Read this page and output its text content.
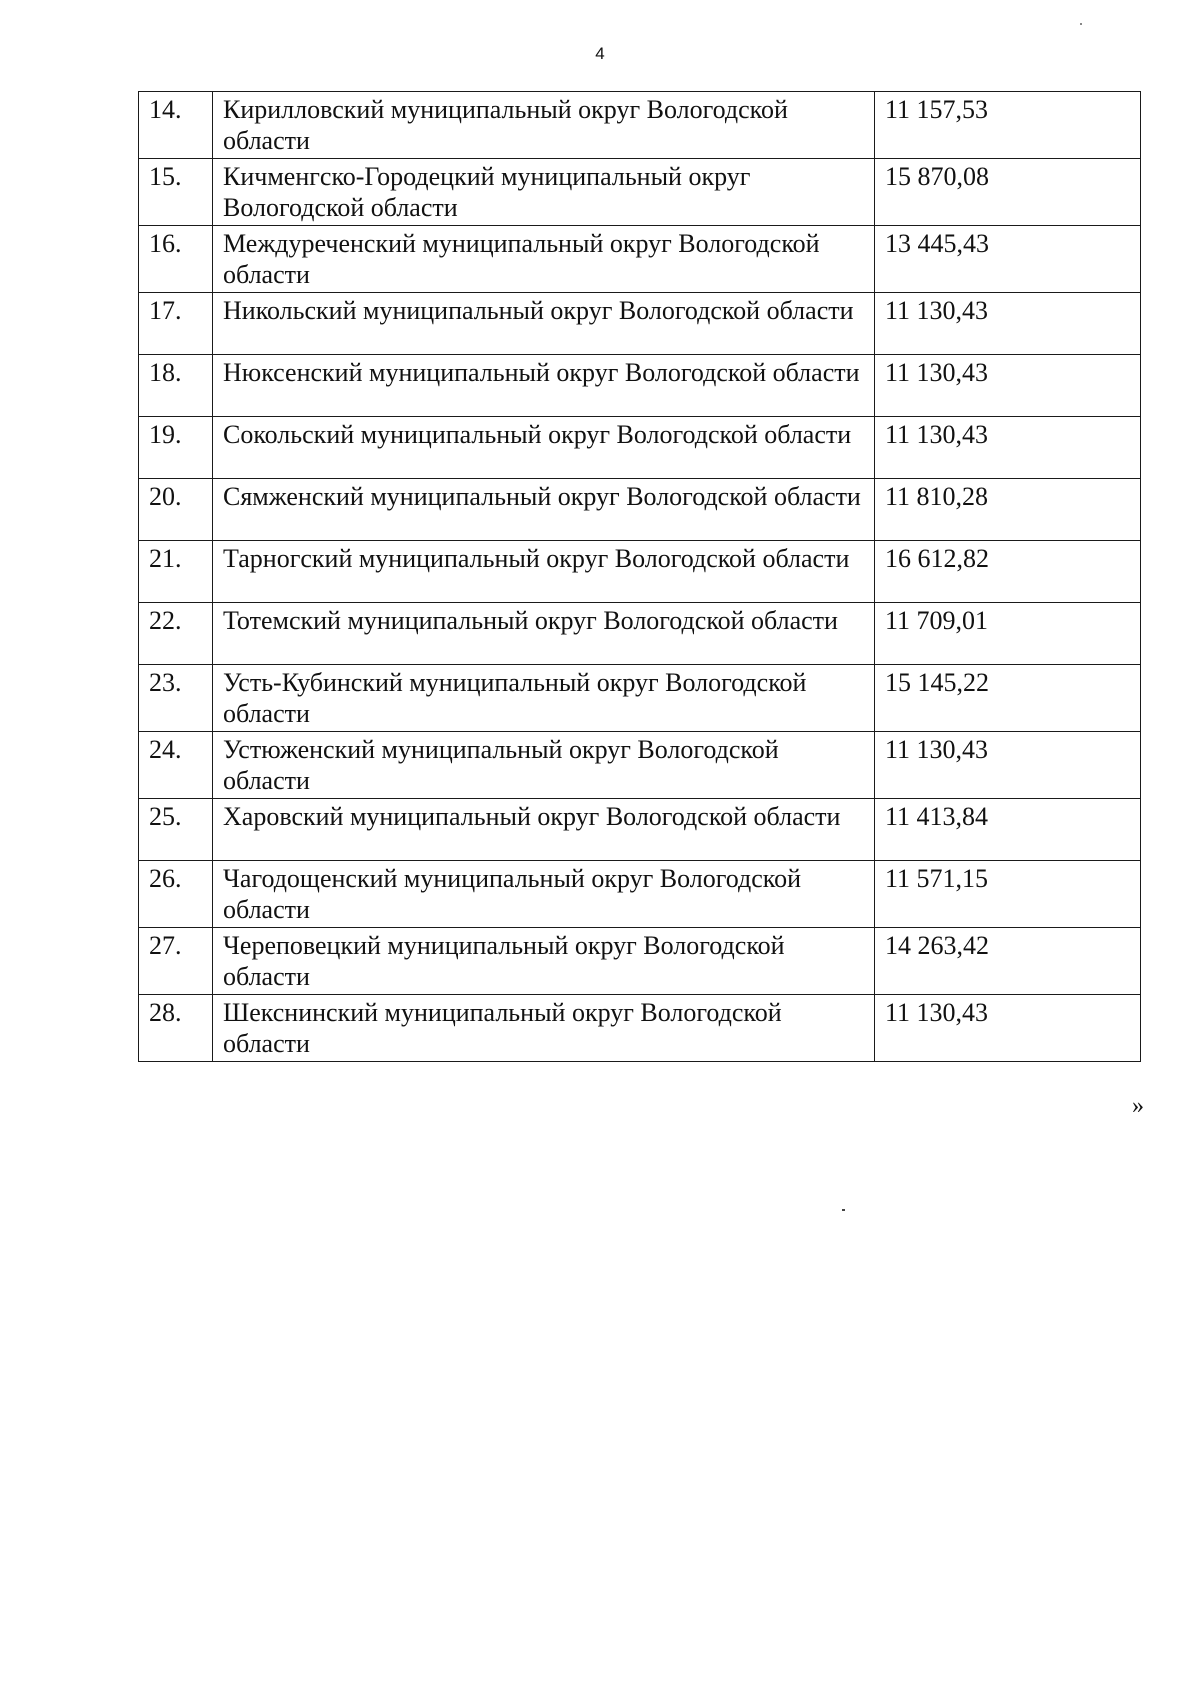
4
14.	Кирилловский муниципальный округ Вологодской области	11 157,53
15.	Кичменгско-Городецкий муниципальный округ Вологодской области	15 870,08
16.	Междуреченский муниципальный округ Вологодской области	13 445,43
17.	Никольский муниципальный округ Вологодской области	11 130,43
18.	Нюксенский муниципальный округ Вологодской области	11 130,43
19.	Сокольский муниципальный округ Вологодской области	11 130,43
20.	Сямженский муниципальный округ Вологодской области	11 810,28
21.	Тарногский муниципальный округ Вологодской области	16 612,82
22.	Тотемский муниципальный округ Вологодской области	11 709,01
23.	Усть-Кубинский муниципальный округ Вологодской области	15 145,22
24.	Устюженский муниципальный округ Вологодской области	11 130,43
25.	Харовский муниципальный округ Вологодской области	11 413,84
26.	Чагодощенский муниципальный округ Вологодской области	11 571,15
27.	Череповецкий муниципальный округ Вологодской области	14 263,42
28.	Шекснинский муниципальный округ Вологодской области	11 130,43
»
